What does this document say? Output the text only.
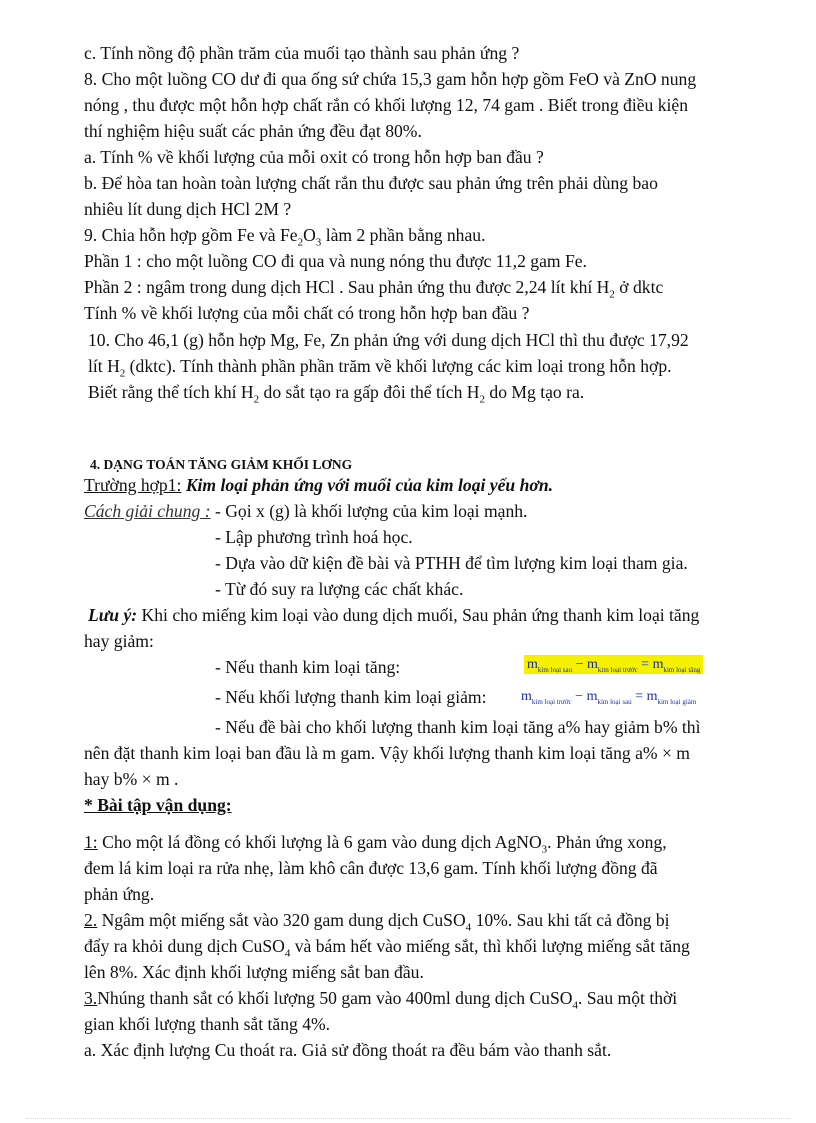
c. Tính nồng độ phần trăm của muối tạo thành sau phản ứng ?
8. Cho một luồng CO dư đi qua ống sứ chứa 15,3 gam hỗn hợp gồm FeO và ZnO nung
nóng , thu được một hỗn hợp chất rắn có khối lượng 12, 74 gam . Biết trong điều kiện
thí nghiệm hiệu suất các phản ứng đều đạt 80%.
a. Tính % về khối lượng của mỗi oxit có trong hỗn hợp ban đầu ?
b. Để hòa tan hoàn toàn lượng chất rắn thu được sau phản ứng trên phải dùng bao
nhiêu lít dung dịch HCl 2M ?
9. Chia hỗn hợp gồm Fe và $Fe_2O_3$ làm 2 phần bằng nhau.
Phần 1 : cho một luồng CO đi qua và nung nóng thu được 11,2 gam Fe.
Phần 2 : ngâm trong dung dịch HCl . Sau phản ứng thu được 2,24 lít khí $H_2$ ở dktc
Tính % về khối lượng của mỗi chất có trong hỗn hợp ban đầu ?
10. Cho 46,1 (g) hỗn hợp Mg, Fe, Zn phản ứng với dung dịch HCl thì thu được 17,92
lít $H_2$ (dktc). Tính thành phần phần trăm về khối lượng các kim loại trong hỗn hợp.
Biết rằng thể tích khí $H_2$ do sắt tạo ra gấp đôi thể tích $H_2$ do Mg tạo ra.
4. DẠNG TOÁN TĂNG GIẢM KHỐI LƠNG
Trường hợp1: Kim loại phản ứng với muối của kim loại yếu hơn.
Cách giải chung : - Gọi x (g) là khối lượng của kim loại mạnh.
- Lập phương trình hoá học.
- Dựa vào dữ kiện đề bài và PTHH để tìm lượng kim loại tham gia.
- Từ đó suy ra lượng các chất khác.
Lưu ý: Khi cho miếng kim loại vào dung dịch muối, Sau phản ứng thanh kim loại tăng
hay giảm:
- Nếu thanh kim loại tăng:	$m_{kim loại sau} - m_{kim loại trước} = m_{kim loại tăng}$
- Nếu khối lượng thanh kim loại giảm: $m_{kim loại trước} - m_{kim loại sau} = m_{kim loại giảm}$
- Nếu đề bài cho khối lượng thanh kim loại tăng a% hay giảm b% thì
nên đặt thanh kim loại ban đầu là m gam. Vậy khối lượng thanh kim loại tăng a% × m
hay b% × m .
* Bài tập vận dụng:
1: Cho một lá đồng có khối lượng là 6 gam vào dung dịch AgNO$_3$. Phản ứng xong,
đem lá kim loại ra rửa nhẹ, làm khô cân được 13,6 gam. Tính khối lượng đồng đã
phản ứng.
2. Ngâm một miếng sắt vào 320 gam dung dịch CuSO$_4$ 10%. Sau khi tất cả đồng bị
đẩy ra khỏi dung dịch CuSO$_4$ và bám hết vào miếng sắt, thì khối lượng miếng sắt tăng
lên 8%. Xác định khối lượng miếng sắt ban đầu.
3.Nhúng thanh sắt có khối lượng 50 gam vào 400ml dung dịch CuSO$_4$. Sau một thời
gian khối lượng thanh sắt tăng 4%.
a. Xác định lượng Cu thoát ra. Giả sử đồng thoát ra đều bám vào thanh sắt.
